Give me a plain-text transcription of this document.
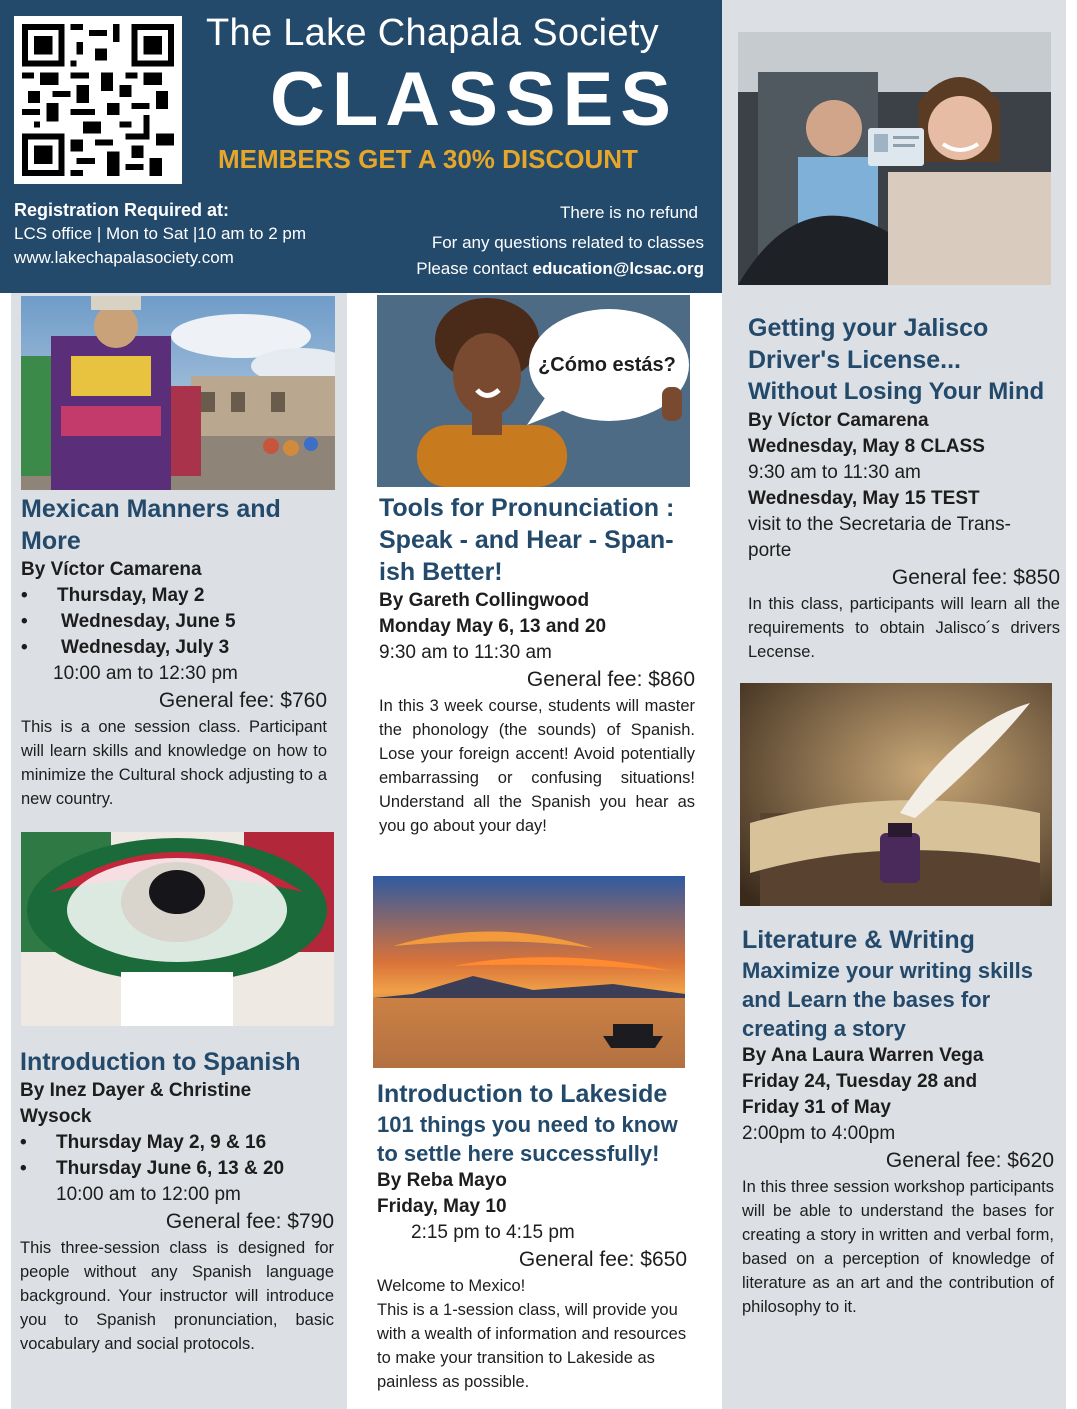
The Lake Chapala Society
CLASSES
MEMBERS GET A 30% DISCOUNT
Registration Required at:
LCS office | Mon to Sat |10 am to 2 pm
www.lakechapalasociety.com
There is no refund
For any questions related to classes
Please contact education@lcsac.org
¿Cómo estás?
Mexican Manners and
More
By Víctor Camarena
• Thursday, May 2
• Wednesday, June 5
• Wednesday, July 3
10:00 am to 12:30 pm
General fee: $760
This is a one session class. Participant will learn skills and knowledge on how to minimize the Cultural shock adjusting to a new country.
Introduction to Spanish
By Inez Dayer & Christine
Wysock
• Thursday May 2, 9 & 16
• Thursday June 6, 13 & 20
10:00 am to 12:00 pm
General fee: $790
This three-session class is designed for people without any Spanish language background. Your instructor will introduce you to Spanish pronunciation, basic vocabulary and social protocols.
Tools for Pronunciation :
Speak - and Hear - Span-
ish Better!
By Gareth Collingwood
Monday May 6, 13 and 20
9:30 am to 11:30 am
General fee: $860
In this 3 week course, students will master the phonology (the sounds) of Spanish. Lose your foreign accent! Avoid potentially embarrassing or confusing situations! Understand all the Spanish you hear as you go about your day!
Introduction to Lakeside
101 things you need to know
to settle here successfully!
By Reba Mayo
Friday, May 10
2:15 pm to 4:15 pm
General fee: $650
Welcome to Mexico!
This is a 1-session class, will provide you with a wealth of information and resources to make your transition to Lakeside as painless as possible.
Getting your Jalisco
Driver's License...
Without Losing Your Mind
By Víctor Camarena
Wednesday, May 8 CLASS
9:30 am to 11:30 am
Wednesday, May 15 TEST
visit to the Secretaria de Trans-
porte
General fee: $850
In this class, participants will learn all the requirements to obtain Jalisco´s drivers Lecense.
Literature & Writing
Maximize your writing skills
and Learn the bases for
creating a story
By Ana Laura Warren Vega
Friday 24, Tuesday 28 and
Friday 31 of May
2:00pm to 4:00pm
General fee: $620
In this three session workshop participants will be able to understand the bases for creating a story in written and verbal form, based on a perception of knowledge of literature as an art and the contribution of philosophy to it.
